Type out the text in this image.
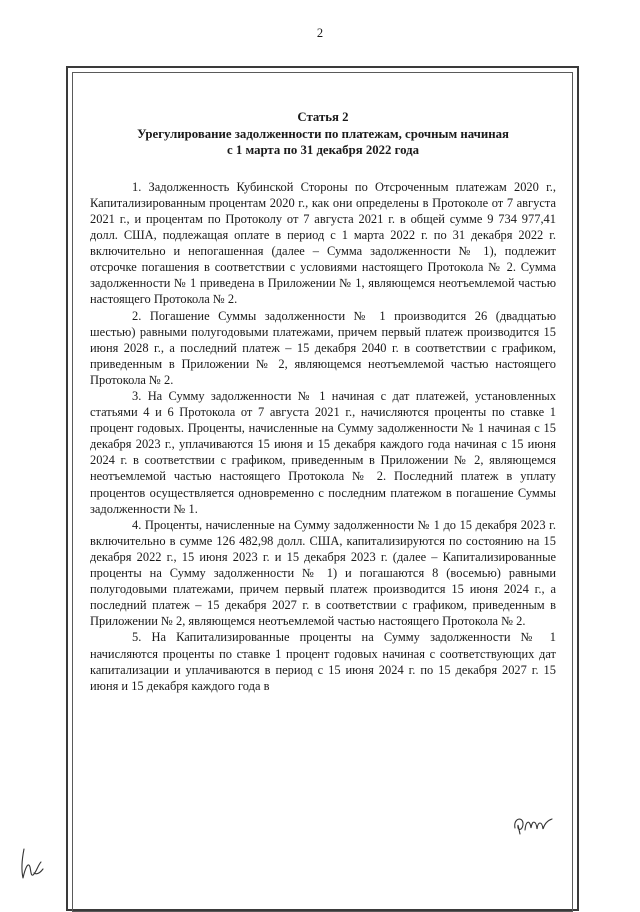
2
Статья 2
Урегулирование задолженности по платежам, срочным начиная
с 1 марта по 31 декабря 2022 года

1. Задолженность Кубинской Стороны по Отсроченным платежам 2020 г., Капитализированным процентам 2020 г., как они определены в Протоколе от 7 августа 2021 г., и процентам по Протоколу от 7 августа 2021 г. в общей сумме 9 734 977,41 долл. США, подлежащая оплате в период с 1 марта 2022 г. по 31 декабря 2022 г. включительно и непогашенная (далее – Сумма задолженности № 1), подлежит отсрочке погашения в соответствии с условиями настоящего Протокола № 2. Сумма задолженности № 1 приведена в Приложении № 1, являющемся неотъемлемой частью настоящего Протокола № 2.

2. Погашение Суммы задолженности № 1 производится 26 (двадцатью шестью) равными полугодовыми платежами, причем первый платеж производится 15 июня 2028 г., а последний платеж – 15 декабря 2040 г. в соответствии с графиком, приведенным в Приложении № 2, являющемся неотъемлемой частью настоящего Протокола № 2.

3. На Сумму задолженности № 1 начиная с дат платежей, установленных статьями 4 и 6 Протокола от 7 августа 2021 г., начисляются проценты по ставке 1 процент годовых. Проценты, начисленные на Сумму задолженности № 1 начиная с 15 декабря 2023 г., уплачиваются 15 июня и 15 декабря каждого года начиная с 15 июня 2024 г. в соответствии с графиком, приведенным в Приложении № 2, являющемся неотъемлемой частью настоящего Протокола № 2. Последний платеж в уплату процентов осуществляется одновременно с последним платежом в погашение Суммы задолженности № 1.

4. Проценты, начисленные на Сумму задолженности № 1 до 15 декабря 2023 г. включительно в сумме 126 482,98 долл. США, капитализируются по состоянию на 15 декабря 2022 г., 15 июня 2023 г. и 15 декабря 2023 г. (далее – Капитализированные проценты на Сумму задолженности № 1) и погашаются 8 (восемью) равными полугодовыми платежами, причем первый платеж производится 15 июня 2024 г., а последний платеж – 15 декабря 2027 г. в соответствии с графиком, приведенным в Приложении № 2, являющемся неотъемлемой частью настоящего Протокола № 2.

5. На Капитализированные проценты на Сумму задолженности № 1 начисляются проценты по ставке 1 процент годовых начиная с соответствующих дат капитализации и уплачиваются в период с 15 июня 2024 г. по 15 декабря 2027 г. 15 июня и 15 декабря каждого года в
